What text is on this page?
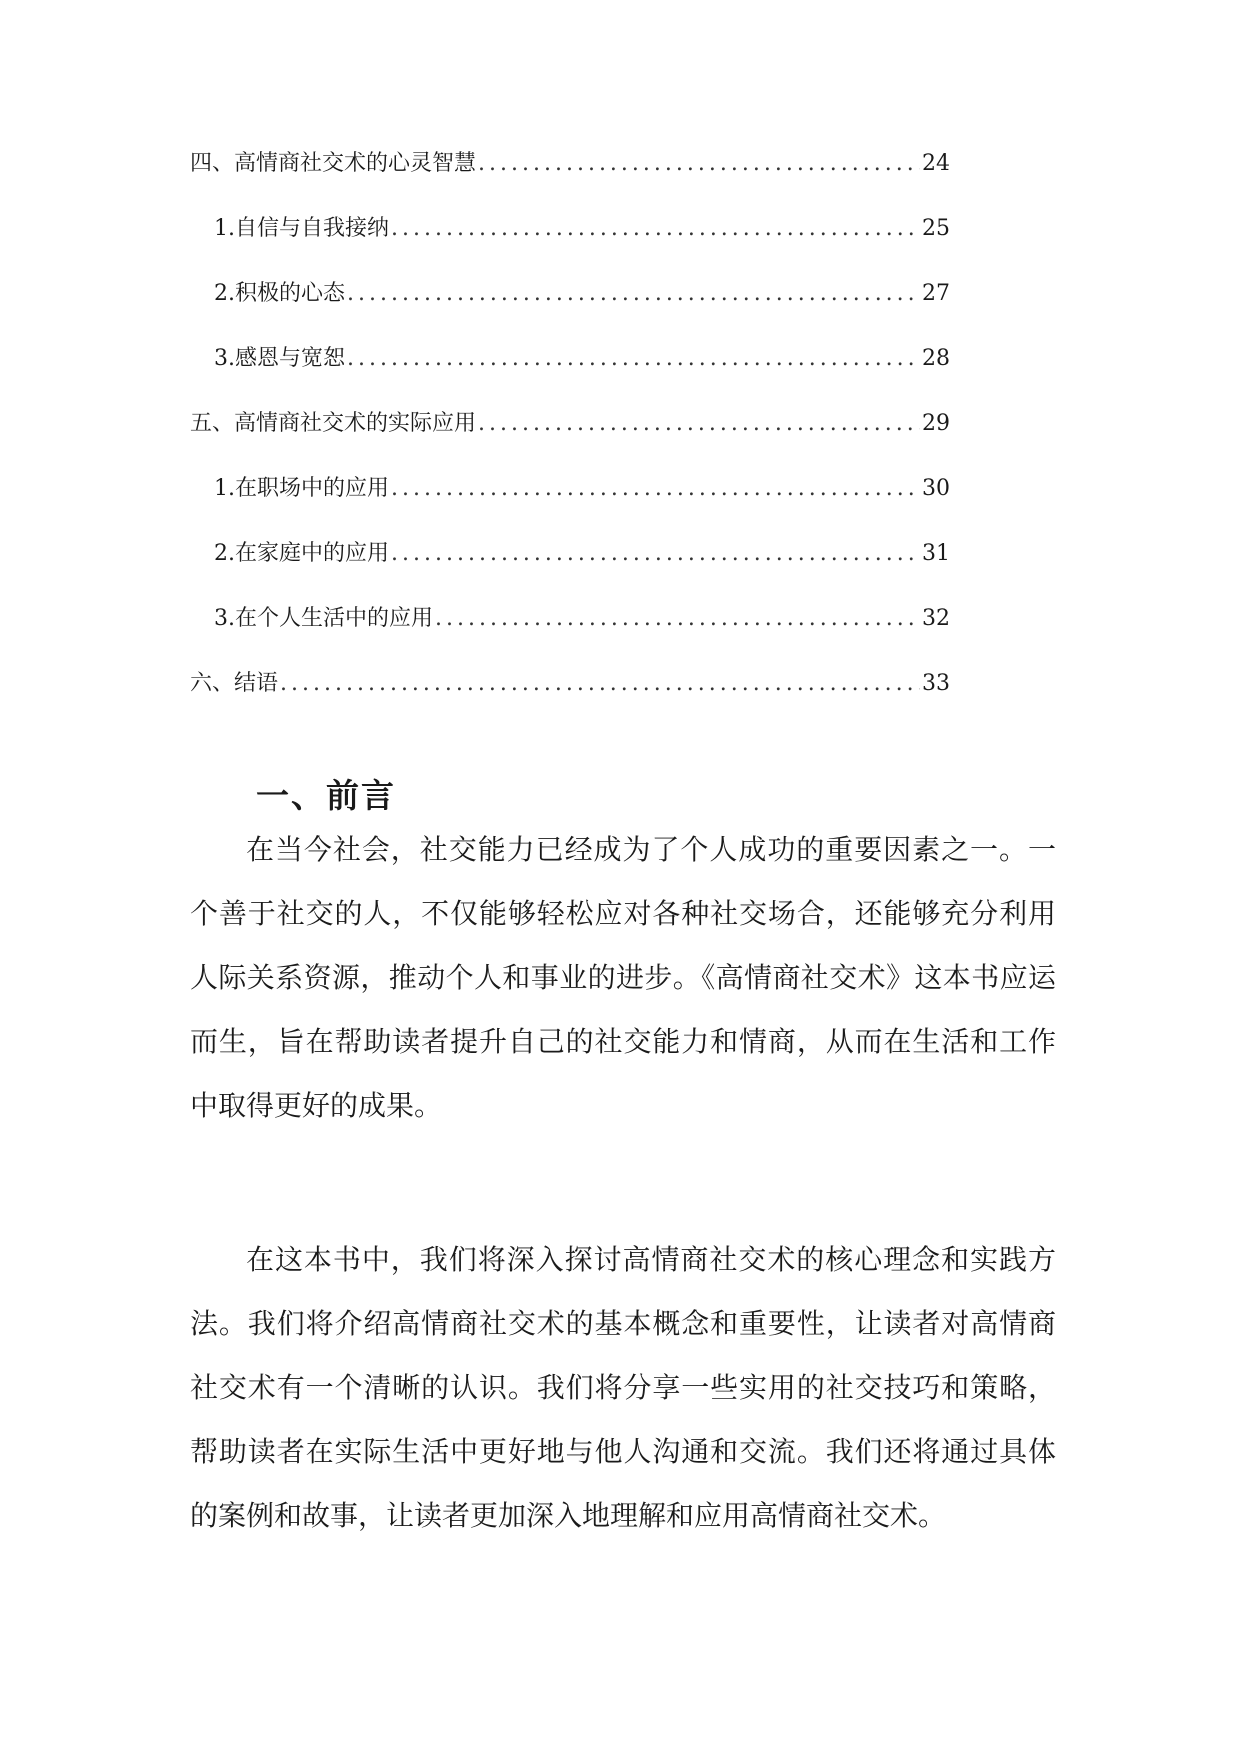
四、高情商社交术的心灵智慧 .....	24
1. 自信与自我接纳 .....	25
2. 积极的心态 .....	27
3. 感恩与宽恕 .....	28
五、高情商社交术的实际应用 .....	29
1. 在职场中的应用 .....	30
2. 在家庭中的应用 .....	31
3. 在个人生活中的应用 .....	32
六、结语 .....	33
一、前言

在当今社会，社交能力已经成为了个人成功的重要因素之一。一个善于社交的人，不仅能够轻松应对各种社交场合，还能够充分利用人际关系资源，推动个人和事业的进步。《高情商社交术》这本书应运而生，旨在帮助读者提升自己的社交能力和情商，从而在生活和工作中取得更好的成果。

在这本书中，我们将深入探讨高情商社交术的核心理念和实践方法。我们将介绍高情商社交术的基本概念和重要性，让读者对高情商社交术有一个清晰的认识。我们将分享一些实用的社交技巧和策略，帮助读者在实际生活中更好地与他人沟通和交流。我们还将通过具体的案例和故事，让读者更加深入地理解和应用高情商社交术。
